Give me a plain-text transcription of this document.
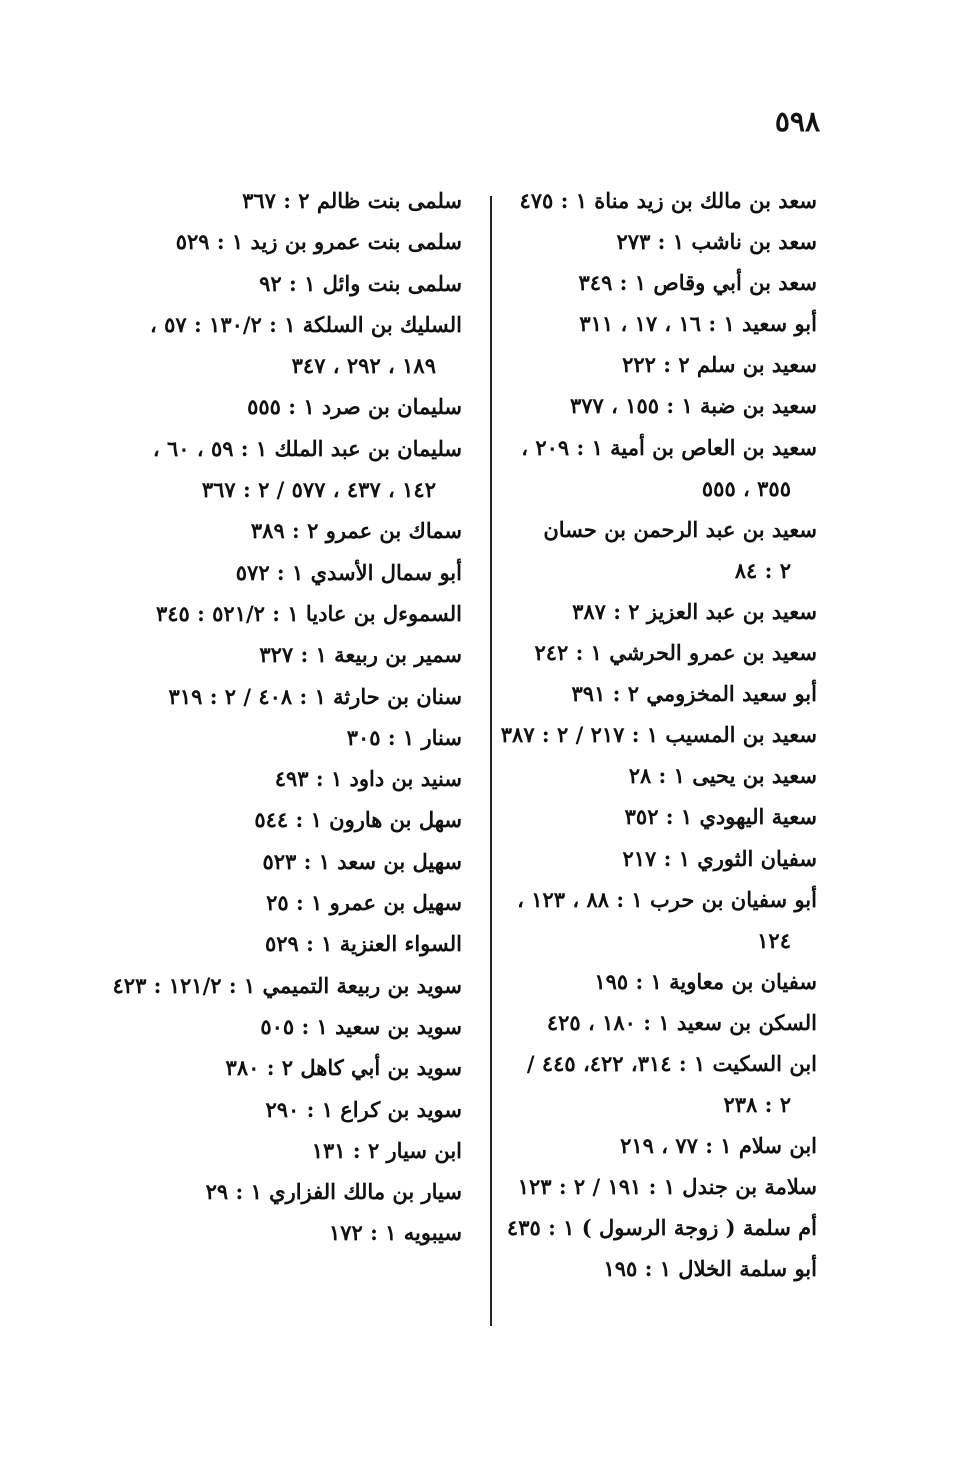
٥٩٨
سعد بن مالك بن زيد مناة ١ : ٤٧٥
سعد بن ناشب ١ : ٢٧٣
سعد بن أبي وقاص ١ : ٣٤٩
أبو سعيد ١ : ١٦ ، ١٧ ، ٣١١
سعيد بن سلم ٢ : ٢٢٢
سعيد بن ضبة ١ : ١٥٥ ، ٣٧٧
سعيد بن العاص بن أمية ١ : ٢٠٩ ،
٣٥٥ ، ٥٥٥
سعيد بن عبد الرحمن بن حسان
٢ : ٨٤
سعيد بن عبد العزيز ٢ : ٣٨٧
سعيد بن عمرو الحرشي ١ : ٢٤٢
أبو سعيد المخزومي ٢ : ٣٩١
سعيد بن المسيب ١ : ٢١٧ / ٢ : ٣٨٧
سعيد بن يحيى ١ : ٢٨
سعية اليهودي ١ : ٣٥٢
سفيان الثوري ١ : ٢١٧
أبو سفيان بن حرب ١ : ٨٨ ، ١٢٣ ،
١٢٤
سفيان بن معاوية ١ : ١٩٥
السكن بن سعيد ١ : ١٨٠ ، ٤٢٥
ابن السكيت ١ : ٣١٤، ٤٢٢، ٤٤٥ /
٢ : ٢٣٨
ابن سلام ١ : ٧٧ ، ٢١٩
سلامة بن جندل ١ : ١٩١ / ٢ : ١٢٣
أم سلمة ( زوجة الرسول ) ١ : ٤٣٥
أبو سلمة الخلال ١ : ١٩٥
سلمى بنت ظالم ٢ : ٣٦٧
سلمى بنت عمرو بن زيد ١ : ٥٢٩
سلمى بنت وائل ١ : ٩٢
السليك بن السلكة ١ : ١٣٠/٢ : ٥٧ ،
١٨٩ ، ٢٩٢ ، ٣٤٧
سليمان بن صرد ١ : ٥٥٥
سليمان بن عبد الملك ١ : ٥٩ ، ٦٠ ،
١٤٢ ، ٤٣٧ ، ٥٧٧ / ٢ : ٣٦٧
سماك بن عمرو ٢ : ٣٨٩
أبو سمال الأسدي ١ : ٥٧٢
السموءل بن عاديا ١ : ٥٢١/٢ : ٣٤٥
سمير بن ربيعة ١ : ٣٢٧
سنان بن حارثة ١ : ٤٠٨ / ٢ : ٣١٩
سنار ١ : ٣٠٥
سنيد بن داود ١ : ٤٩٣
سهل بن هارون ١ : ٥٤٤
سهيل بن سعد ١ : ٥٢٣
سهيل بن عمرو ١ : ٢٥
السواء العنزية ١ : ٥٢٩
سويد بن ربيعة التميمي ١ : ١٢١/٢ : ٤٢٣
سويد بن سعيد ١ : ٥٠٥
سويد بن أبي كاهل ٢ : ٣٨٠
سويد بن كراع ١ : ٢٩٠
ابن سيار ٢ : ١٣١
سيار بن مالك الفزاري ١ : ٢٩
سيبويه ١ : ١٧٢
